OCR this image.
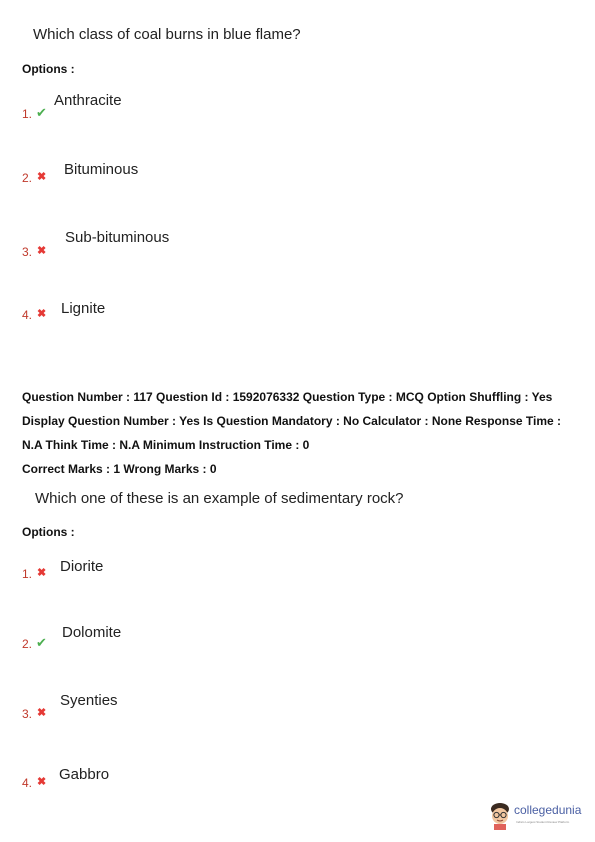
Which class of coal burns in blue flame?
Options :
1. ✔
Anthracite
2. ✖ Bituminous
3. ✖
Sub-bituminous
4. ✖ Lignite
Question Number : 117 Question Id : 1592076332 Question Type : MCQ Option Shuffling : Yes Display Question Number : Yes Is Question Mandatory : No Calculator : None Response Time : N.A Think Time : N.A Minimum Instruction Time : 0
Correct Marks : 1 Wrong Marks : 0
Which one of these is an example of sedimentary rock?
Options :
1. ✖ Diorite
2. ✔
Dolomite
3. ✖
Syenties
4. ✖ Gabbro
collegedunia
India's Largest Student Review Platform
